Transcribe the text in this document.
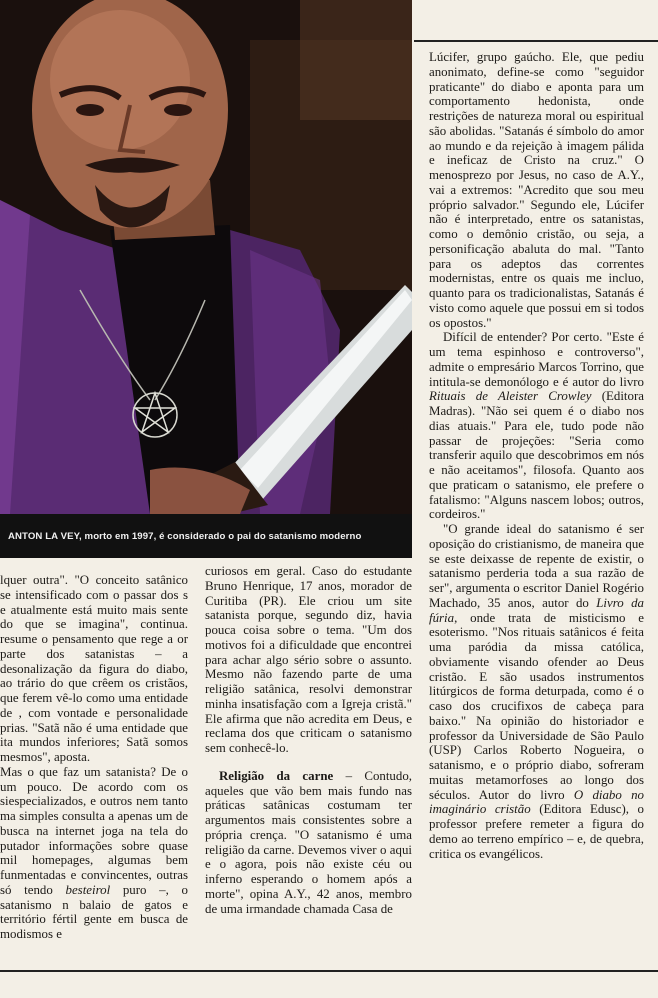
ANTON LA VEY, morto em 1997, é considerado o pai do satanismo moderno

Lúcifer, grupo gaúcho. Ele, que pediu anonimato, define-se como "seguidor praticante" do diabo e aponta para um comportamento hedonista, onde restrições de natureza moral ou espiritual são abolidas. "Satanás é símbolo do amor ao mundo e da rejeição à imagem pálida e ineficaz de Cristo na cruz." O menosprezo por Jesus, no caso de A.Y., vai a extremos: "Acredito que sou meu próprio salvador." Segundo ele, Lúcifer não é interpretado, entre os satanistas, como o demônio cristão, ou seja, a personificação abaluta do mal. "Tanto para os adeptos das correntes modernistas, entre os quais me incluo, quanto para os tradicionalistas, Satanás é visto como aquele que possui em si todos os opostos."

Difícil de entender? Por certo. "Este é um tema espinhoso e controverso", admite o empresário Marcos Torrino, que intitula-se demonólogo e é autor do livro Rituais de Aleister Crowley (Editora Madras). "Não sei quem é o diabo nos dias atuais." Para ele, tudo pode não passar de projeções: "Seria como transferir aquilo que descobrimos em nós e não aceitamos", filosofa. Quanto aos que praticam o satanismo, ele prefere o fatalismo: "Alguns nascem lobos; outros, cordeiros."

"O grande ideal do satanismo é ser oposição do cristianismo, de maneira que se este deixasse de repente de existir, o satanismo perderia toda a sua razão de ser", argumenta o escritor Daniel Rogério Machado, 35 anos, autor do Livro da fúria, onde trata de misticismo e esoterismo. "Nos rituais satânicos é feita uma paródia da missa católica, obviamente visando ofender ao Deus cristão. E são usados instrumentos litúrgicos de forma deturpada, como é o caso dos crucifixos de cabeça para baixo." Na opinião do historiador e professor da Universidade de São Paulo (USP) Carlos Roberto Nogueira, o satanismo, e o próprio diabo, sofreram muitas metamorfoses ao longo dos séculos. Autor do livro O diabo no imaginário cristão (Editora Edusc), o professor prefere remeter a figura do demo ao terreno empírico – e, de quebra, critica os evangélicos.

lquer outra". "O conceito satânico se intensificado com o passar dos s e atualmente está muito mais sente do que se imagina", continua. resume o pensamento que rege a or parte dos satanistas – a desonalização da figura do diabo, ao trário do que crêem os cristãos, que ferem vê-lo como uma entidade de , com vontade e personalidade prias. "Satã não é uma entidade que ita mundos inferiores; Satã somos mesmos", aposta.

Mas o que faz um satanista? De o um pouco. De acordo com os siespecializados, e outros nem tanto ma simples consulta a apenas um de busca na internet joga na tela do putador informações sobre quase mil homepages, algumas bem funmentadas e convincentes, outras só tendo besteirol puro –, o satanismo n balaio de gatos e território fértil gente em busca de modismos e

curiosos em geral. Caso do estudante Bruno Henrique, 17 anos, morador de Curitiba (PR). Ele criou um site satanista porque, segundo diz, havia pouca coisa sobre o tema. "Um dos motivos foi a dificuldade que encontrei para achar algo sério sobre o assunto. Mesmo não fazendo parte de uma religião satânica, resolvi demonstrar minha insatisfação com a Igreja cristã." Ele afirma que não acredita em Deus, e reclama dos que criticam o satanismo sem conhecê-lo.

Religião da carne – Contudo, aqueles que vão bem mais fundo nas práticas satânicas costumam ter argumentos mais consistentes sobre a própria crença. "O satanismo é uma religião da carne. Devemos viver o aqui e o agora, pois não existe céu ou inferno esperando o homem após a morte", opina A.Y., 42 anos, membro de uma irmandade chamada Casa de
